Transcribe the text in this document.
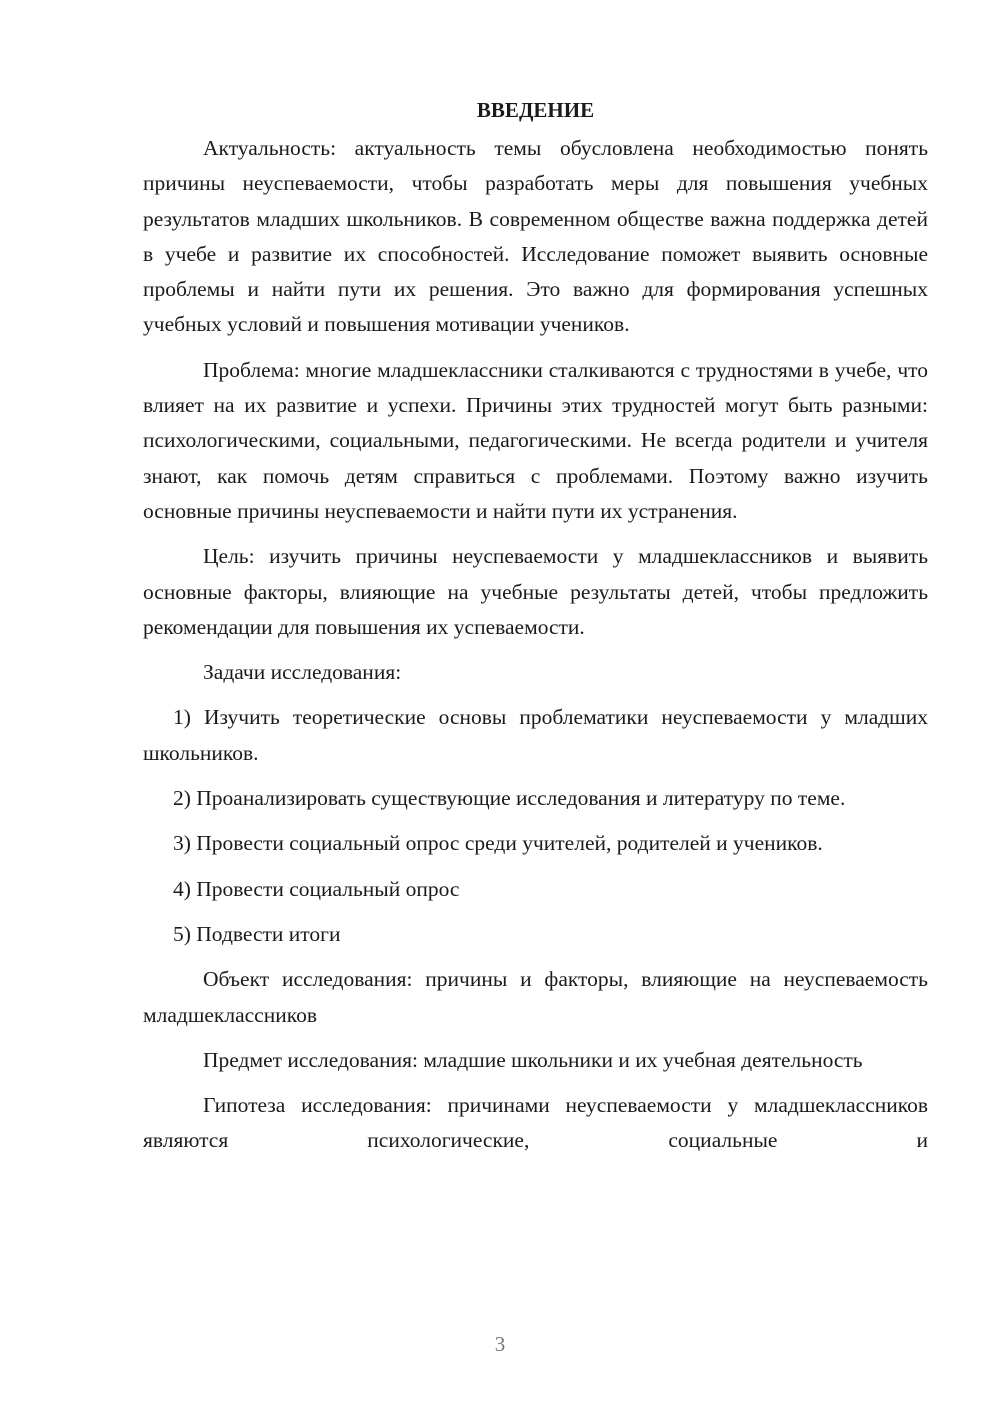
ВВЕДЕНИЕ

Актуальность: актуальность темы обусловлена необходимостью понять причины неуспеваемости, чтобы разработать меры для повышения учебных результатов младших школьников. В современном обществе важна поддержка детей в учебе и развитие их способностей. Исследование поможет выявить основные проблемы и найти пути их решения. Это важно для формирования успешных учебных условий и повышения мотивации учеников.

Проблема: многие младшеклассники сталкиваются с трудностями в учебе, что влияет на их развитие и успехи. Причины этих трудностей могут быть разными: психологическими, социальными, педагогическими. Не всегда родители и учителя знают, как помочь детям справиться с проблемами. Поэтому важно изучить основные причины неуспеваемости и найти пути их устранения.

Цель: изучить причины неуспеваемости у младшеклассников и выявить основные факторы, влияющие на учебные результаты детей, чтобы предложить рекомендации для повышения их успеваемости.

Задачи исследования:

1) Изучить теоретические основы проблематики неуспеваемости у младших школьников.

2) Проанализировать существующие исследования и литературу по теме.

3) Провести социальный опрос среди учителей, родителей и учеников.

4) Провести социальный опрос

5) Подвести итоги

Объект исследования: причины и факторы, влияющие на неуспеваемость младшеклассников

Предмет исследования: младшие школьники и их учебная деятельность

Гипотеза исследования: причинами неуспеваемости у младшеклассников являются психологические, социальные и

3
